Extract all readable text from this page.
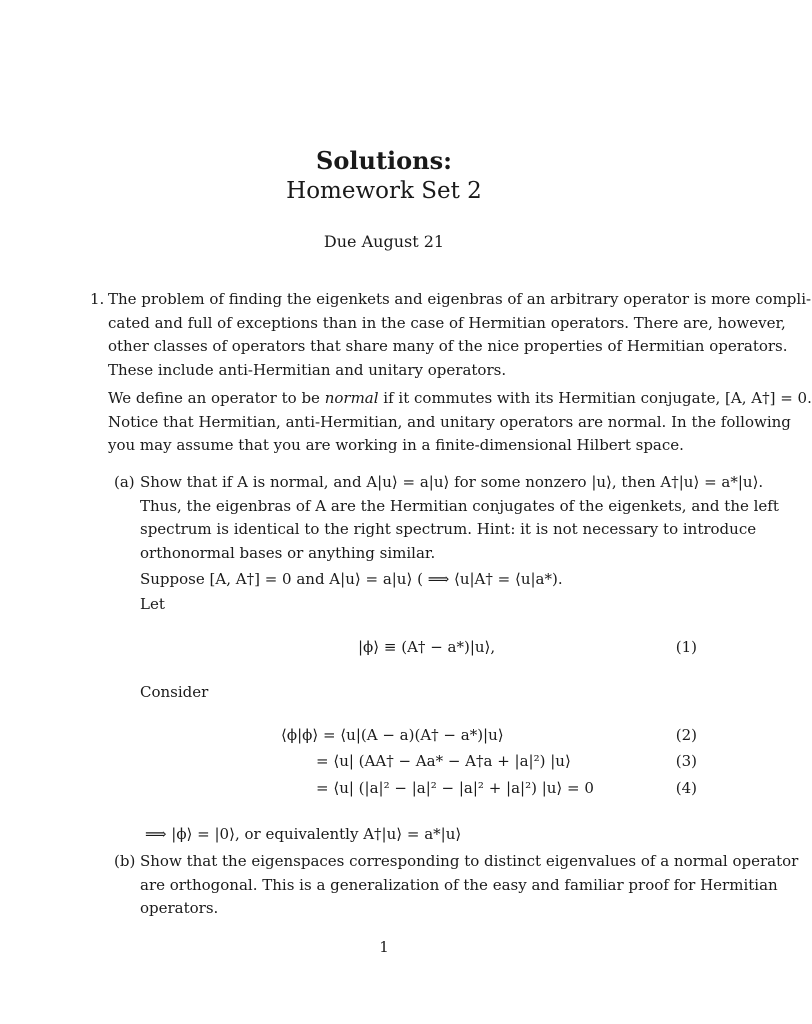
Solutions:
Homework Set 2
Due August 21
1. The problem of finding the eigenkets and eigenbras of an arbitrary operator is more compli-
cated and full of exceptions than in the case of Hermitian operators. There are, however,
other classes of operators that share many of the nice properties of Hermitian operators.
These include anti-Hermitian and unitary operators.
We define an operator to be normal if it commutes with its Hermitian conjugate, [A, A†] = 0.
Notice that Hermitian, anti-Hermitian, and unitary operators are normal. In the following
you may assume that you are working in a finite-dimensional Hilbert space.
(a) Show that if A is normal, and A|u⟩ = a|u⟩ for some nonzero |u⟩, then A†|u⟩ = a*|u⟩.
Thus, the eigenbras of A are the Hermitian conjugates of the eigenkets, and the left
spectrum is identical to the right spectrum. Hint: it is not necessary to introduce
orthonormal bases or anything similar.
Suppose [A, A†] = 0 and A|u⟩ = a|u⟩ ( ⟹ ⟨u|A† = ⟨u|a*).
Let
|ϕ⟩ ≡ (A† − a*)|u⟩,	(1)
Consider
⟨ϕ|ϕ⟩ = ⟨u|(A − a)(A† − a*)|u⟩	(2)
= ⟨u| (AA† − Aa* − A†a + |a|²) |u⟩	(3)
= ⟨u| (|a|² − |a|² − |a|² + |a|²) |u⟩ = 0	(4)
⟹ |ϕ⟩ = |0⟩, or equivalently A†|u⟩ = a*|u⟩
(b) Show that the eigenspaces corresponding to distinct eigenvalues of a normal operator
are orthogonal. This is a generalization of the easy and familiar proof for Hermitian
operators.
1
